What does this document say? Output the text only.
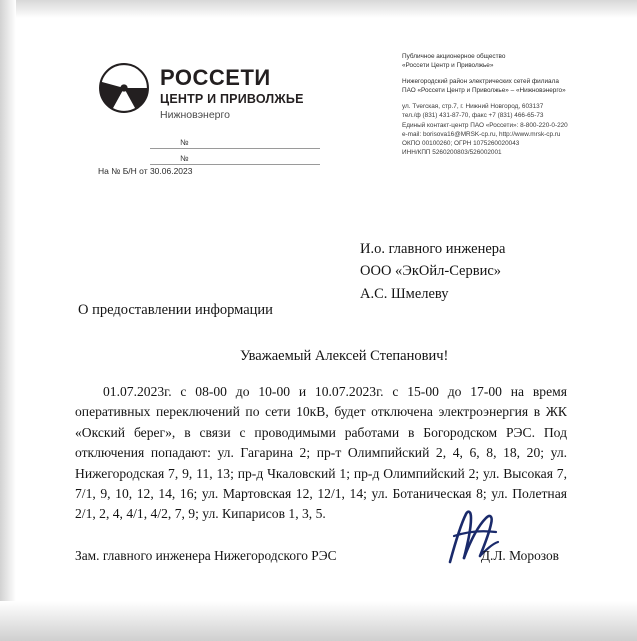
РОССЕТИ
ЦЕНТР И ПРИВОЛЖЬЕ
Нижновэнерго
Публичное акционерное общество
«Россети Центр и Приволжье»
Нижегородский район электрических сетей филиала
ПАО «Россети Центр и Приволжье» – «Нижновэнерго»
ул. Тverская, стр.7, г. Нижний Новгород, 603137
тел./ф (831) 431-87-70, факс +7 (831) 466-65-73
Единый контакт-центр ПАО «Россети»: 8-800-220-0-220
e-mail: borisova16@MRSK-cp.ru, http://www.mrsk-cp.ru
ОКПО 00100260; ОГРН 1075260020043
ИНН/КПП 5260200803/526002001
№
№
На № Б/Н от 30.06.2023
И.о. главного инженера
ООО «ЭкОйл-Сервис»
А.С. Шмелеву
О предоставлении информации
Уважаемый Алексей Степанович!

01.07.2023г. с 08-00 до 10-00 и 10.07.2023г. с 15-00 до 17-00 на время оперативных переключений по сети 10кВ, будет отключена электроэнергия в ЖК «Окский берег», в связи с проводимыми работами в Богородском РЭС. Под отключения попадают: ул. Гагарина 2; пр-т Олимпийский 2, 4, 6, 8, 18, 20; ул. Нижегородская 7, 9, 11, 13; пр-д Чкаловский 1; пр-д Олимпийский 2; ул. Высокая 7, 7/1, 9, 10, 12, 14, 16; ул. Мартовская 12, 12/1, 14; ул. Ботаническая 8; ул. Полетная 2/1, 2, 4, 4/1, 4/2, 7, 9; ул. Кипарисов 1, 3, 5.

Зам. главного инженера Нижегородского РЭС	Д.Л. Морозов
